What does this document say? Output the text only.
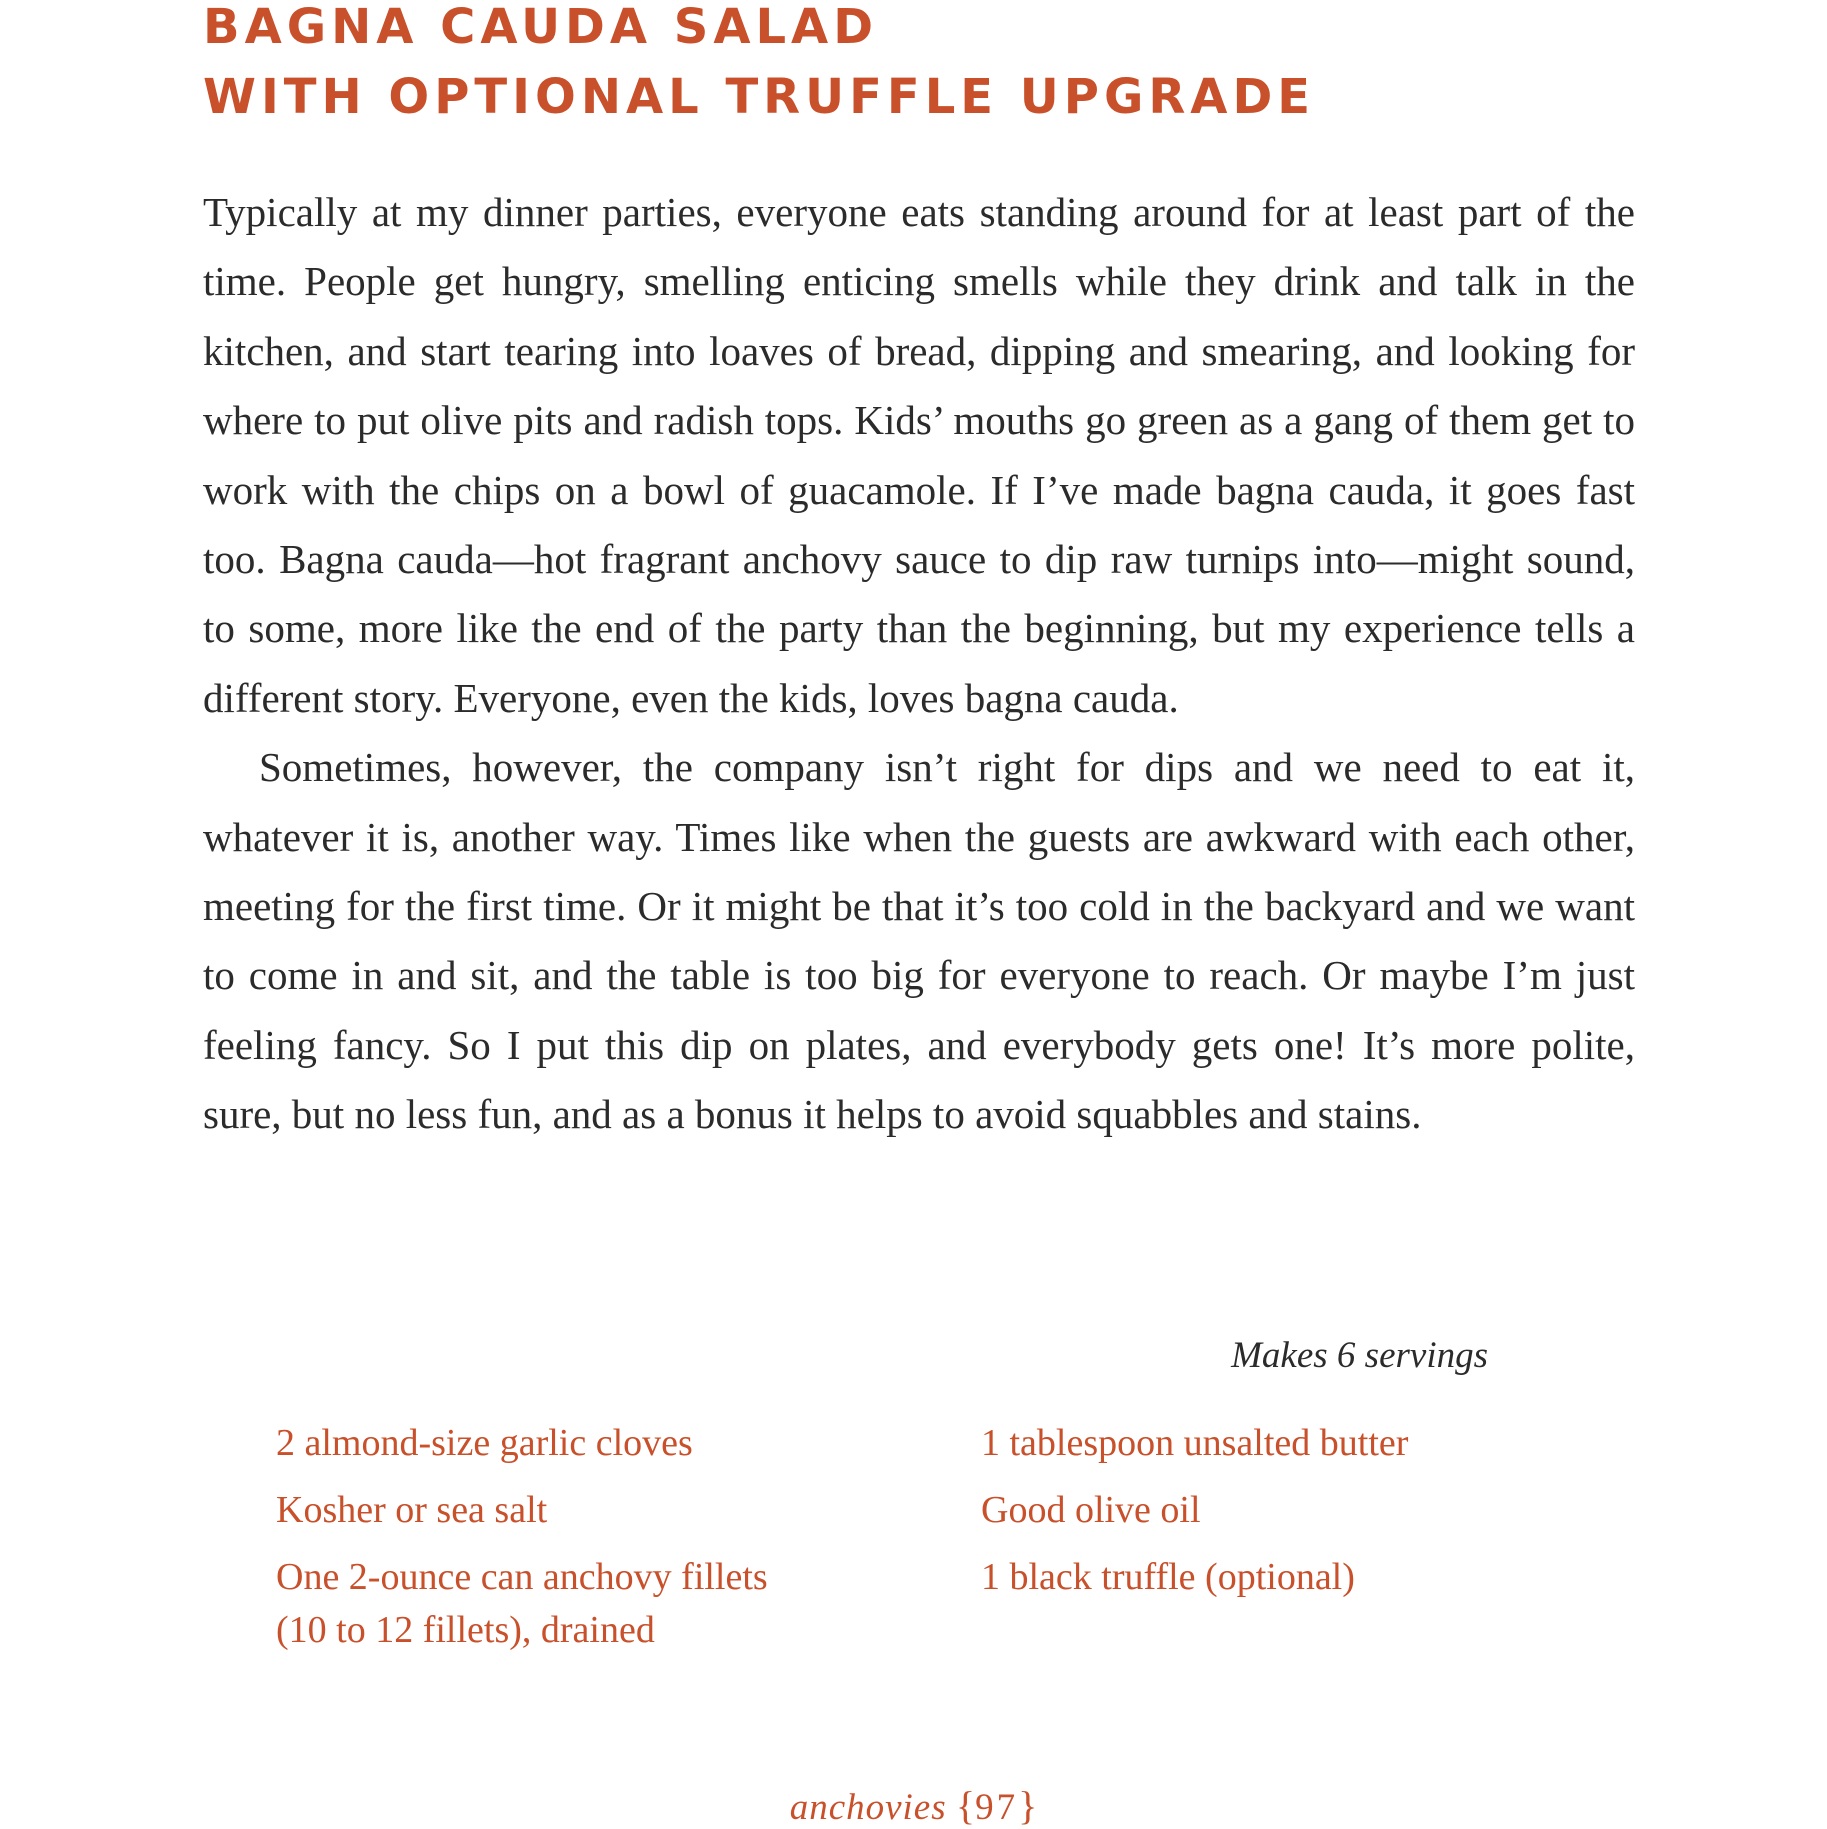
BAGNA CAUDA SALAD
WITH OPTIONAL TRUFFLE UPGRADE

Typically at my dinner parties, everyone eats standing around for at least part of the time. People get hungry, smelling enticing smells while they drink and talk in the kitchen, and start tearing into loaves of bread, dipping and smearing, and looking for where to put olive pits and radish tops. Kids’ mouths go green as a gang of them get to work with the chips on a bowl of guacamole. If I’ve made bagna cauda, it goes fast too. Bagna cauda—hot fragrant anchovy sauce to dip raw turnips into—might sound, to some, more like the end of the party than the beginning, but my experience tells a different story. Everyone, even the kids, loves bagna cauda.

Sometimes, however, the company isn’t right for dips and we need to eat it, whatever it is, another way. Times like when the guests are awkward with each other, meeting for the first time. Or it might be that it’s too cold in the backyard and we want to come in and sit, and the table is too big for everyone to reach. Or maybe I’m just feeling fancy. So I put this dip on plates, and everybody gets one! It’s more polite, sure, but no less fun, and as a bonus it helps to avoid squabbles and stains.

Makes 6 servings
2 almond-size garlic cloves
Kosher or sea salt
One 2-ounce can anchovy fillets
(10 to 12 fillets), drained
1 tablespoon unsalted butter
Good olive oil
1 black truffle (optional)
anchovies {97}
